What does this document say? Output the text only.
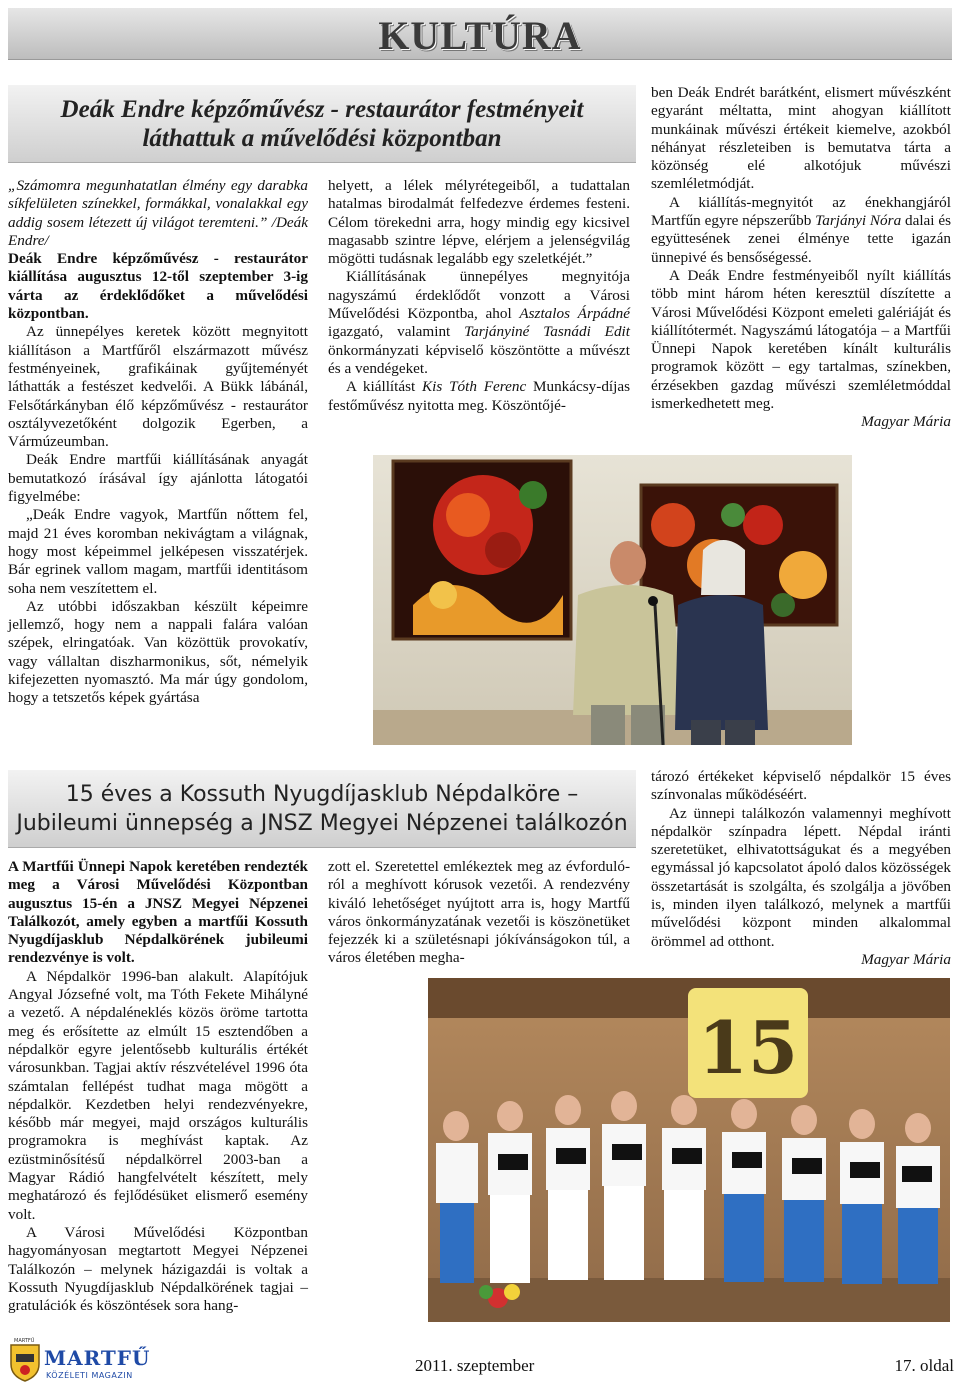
KULTÚRA
Deák Endre képzőművész - restaurátor festményeit
láthattuk a művelődési központban

„Számomra megunhatatlan élmény egy darabka síkfelületen színekkel, formákkal, vonalakkal egy addig sosem létezett új világot teremteni.” /Deák Endre/

Deák Endre képzőművész - restaurátor kiállítása augusztus 12-től szeptember 3-ig várta az érdeklődőket a művelődési központban.

Az ünnepélyes keretek között megnyitott kiállításon a Martfűről elszármazott művész festményeinek, grafikáinak gyűjteményét láthatták a festészet kedvelői. A Bükk lábánál, Felsőtárkányban élő képzőművész - restaurátor osztályvezetőként dolgozik Egerben, a Vármúzeumban.

Deák Endre martfűi kiállításának anyagát bemutatkozó írásával így ajánlotta látogatói figyelmébe:

„Deák Endre vagyok, Martfűn nőttem fel, majd 21 éves koromban nekivágtam a világnak, hogy most képeimmel jelképesen visszatérjek. Bár egrinek vallom magam, martfűi identitásom soha nem veszítettem el.

Az utóbbi időszakban készült képeimre jellemző, hogy nem a nappali falára valóan szépek, elringatóak. Van közöttük provokatív, vagy vállaltan diszharmonikus, sőt, némelyik kifejezetten nyomasztó. Ma már úgy gondolom, hogy a tetszetős képek gyártása

helyett, a lélek mélyrétegeiből, a tudattalan hatalmas birodalmát felfedezve érdemes festeni. Célom törekedni arra, hogy mindig egy kicsivel magasabb szintre lépve, elérjem a jelenségvilág mögötti tudásnak legalább egy szeletkéjét.”

Kiállításának ünnepélyes megnyitója nagyszámú érdeklődőt vonzott a Városi Művelődési Központba, ahol Asztalos Árpádné igazgató, valamint Tarjányiné Tasnádi Edit önkormányzati képviselő köszöntötte a művészt és a vendégeket.

A kiállítást Kis Tóth Ferenc Munkácsy-díjas festőművész nyitotta meg. Köszöntőjé-

ben Deák Endrét barátként, elismert művészként egyaránt méltatta, mint ahogyan kiállított munkáinak művészi értékeit kiemelve, azokból néhányat részleteiben is bemutatva tárta a közönség elé alkotójuk művészi szemléletmódját.

A kiállítás-megnyitót az énekhangjáról Martfűn egyre népszerűbb Tarjányi Nóra dalai és együttesének zenei élménye tette igazán ünnepivé és bensőségessé.

A Deák Endre festményeiből nyílt kiállítás több mint három héten keresztül díszítette a Városi Művelődési Központ emeleti galériáját és kiállítótermét. Nagyszámú látogatója – a Martfűi Ünnepi Napok keretében kínált kulturális programok között – egy tartalmas, színekben, érzésekben gazdag művészi szemléletmóddal ismerkedhetett meg.

Magyar Mária

15 éves a Kossuth Nyugdíjasklub Népdalköre –
Jubileumi ünnepség a JNSZ Megyei Népzenei találkozón

A Martfűi Ünnepi Napok keretében rendezték meg a Városi Művelődési Központban augusztus 15-én a JNSZ Megyei Népzenei Találkozót, amely egyben a martfűi Kossuth Nyugdíjasklub Népdalkörének jubileumi rendezvénye is volt.

A Népdalkör 1996-ban alakult. Alapítójuk Angyal Józsefné volt, ma Tóth Fekete Mihályné a vezető. A népdaléneklés közös öröme tartotta meg és erősítette az elmúlt 15 esztendőben a népdalkör egyre jelentősebb kulturális értékét városunkban. Tagjai aktív részvételével 1996 óta számtalan fellépést tudhat maga mögött a népdalkör. Kezdetben helyi rendezvényekre, később már megyei, majd országos kulturális programokra is meghívást kaptak. Az ezüstminősítésű népdalkörrel 2003-ban a Magyar Rádió hangfelvételt készített, mely meghatározó és fejlődésüket elismerő esemény volt.

A Városi Művelődési Központban hagyományosan megtartott Megyei Népzenei Találkozón – melynek házigazdái is voltak a Kossuth Nyugdíjasklub Népdalkörének tagjai – gratulációk és köszöntések sora hang-

zott el. Szeretettel emlékeztek meg az évfordulóról a meghívott kórusok vezetői. A rendezvény kiváló lehetőséget nyújtott arra is, hogy Martfű város önkormányzatának vezetői is köszönetüket fejezzék ki a születésnapi jókívánságokon túl, a város életében megha-

tározó értékeket képviselő népdalkör 15 éves színvonalas működéséért.

Az ünnepi találkozón valamennyi meghívott népdalkör színpadra lépett. Népdal iránti szeretetüket, elhivatottságukat és a megyében egymással jó kapcsolatot ápoló dalos közösségek összetartását is szolgálta, és szolgálja a jövőben is, minden ilyen találkozó, melynek a martfűi művelődési központ minden alkalommal örömmel ad otthont.

Magyar Mária

15
MARTFŰ
MARTFŰ
KÖZÉLETI MAGAZIN
2011. szeptember	17. oldal
